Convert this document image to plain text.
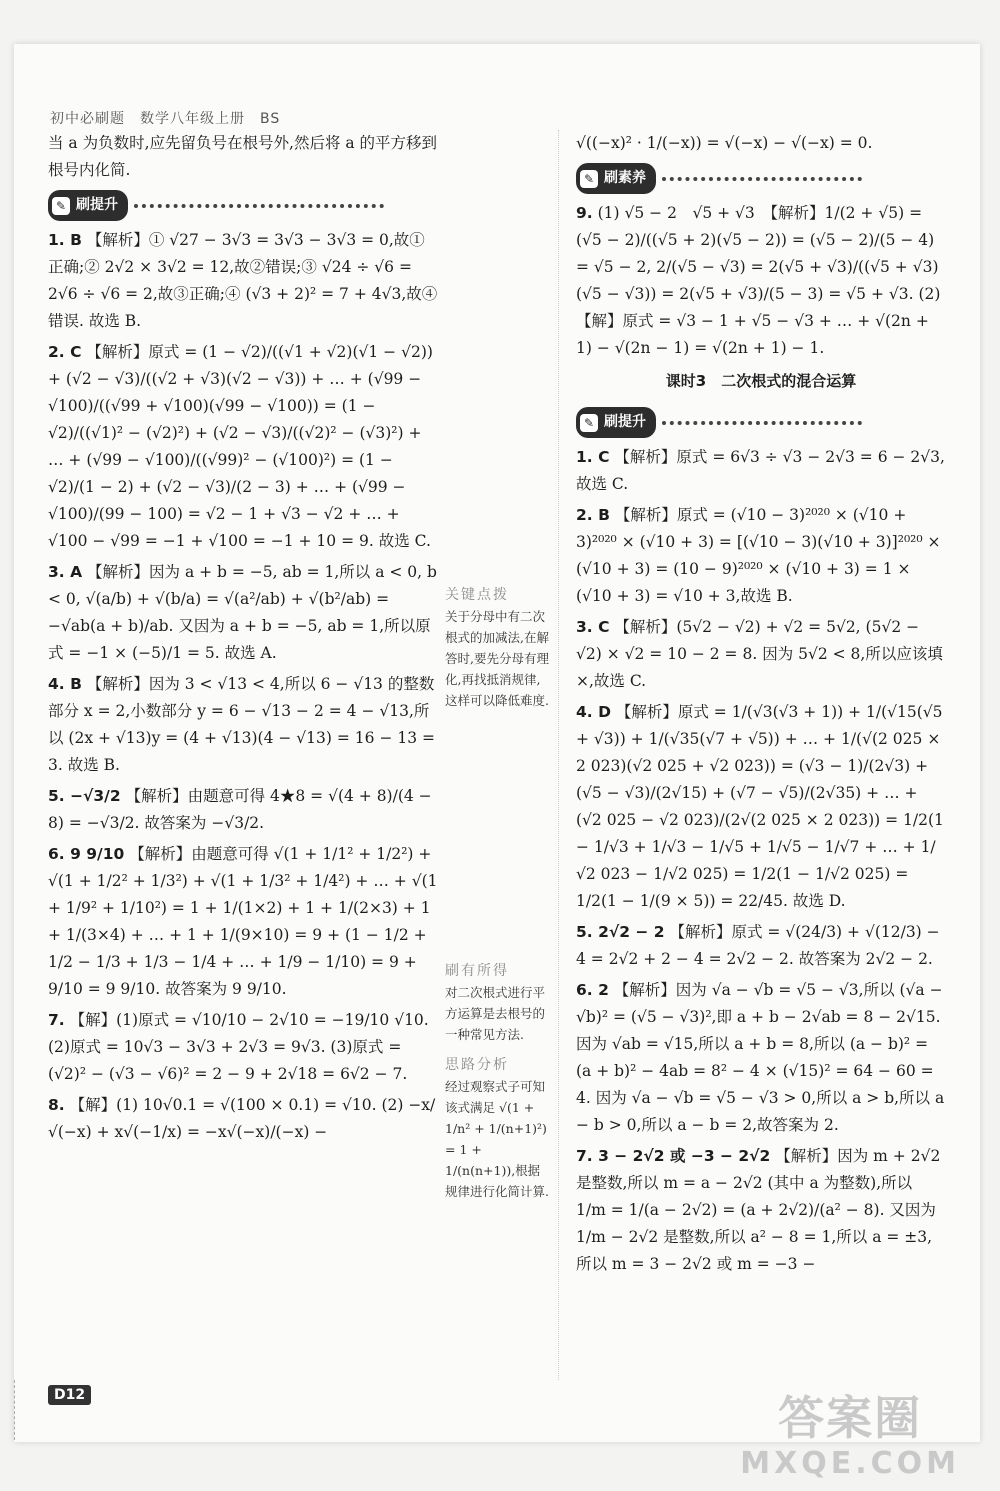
初中必刷题　数学八年级上册　BS
当 a 为负数时,应先留负号在根号外,然后将 a 的平方移到根号内化简.
✎ 刷提升
1. B 【解析】① √27 − 3√3 = 3√3 − 3√3 = 0,故①正确;② 2√2 × 3√2 = 12,故②错误;③ √24 ÷ √6 = 2√6 ÷ √6 = 2,故③正确;④ (√3 + 2)² = 7 + 4√3,故④错误. 故选 B.
2. C 【解析】原式 = (1 − √2)/((√1 + √2)(√1 − √2)) + (√2 − √3)/((√2 + √3)(√2 − √3)) + … + (√99 − √100)/((√99 + √100)(√99 − √100)) = (1 − √2)/((√1)² − (√2)²) + (√2 − √3)/((√2)² − (√3)²) + … + (√99 − √100)/((√99)² − (√100)²) = (1 − √2)/(1 − 2) + (√2 − √3)/(2 − 3) + … + (√99 − √100)/(99 − 100) = √2 − 1 + √3 − √2 + … + √100 − √99 = −1 + √100 = −1 + 10 = 9. 故选 C.
3. A 【解析】因为 a + b = −5, ab = 1,所以 a < 0, b < 0, √(a/b) + √(b/a) = √(a²/ab) + √(b²/ab) = −√ab(a + b)/ab. 又因为 a + b = −5, ab = 1,所以原式 = −1 × (−5)/1 = 5. 故选 A.
4. B 【解析】因为 3 < √13 < 4,所以 6 − √13 的整数部分 x = 2,小数部分 y = 6 − √13 − 2 = 4 − √13,所以 (2x + √13)y = (4 + √13)(4 − √13) = 16 − 13 = 3. 故选 B.
5. −√3/2 【解析】由题意可得 4★8 = √(4 + 8)/(4 − 8) = −√3/2. 故答案为 −√3/2.
6. 9 9/10 【解析】由题意可得 √(1 + 1/1² + 1/2²) + √(1 + 1/2² + 1/3²) + √(1 + 1/3² + 1/4²) + … + √(1 + 1/9² + 1/10²) = 1 + 1/(1×2) + 1 + 1/(2×3) + 1 + 1/(3×4) + … + 1 + 1/(9×10) = 9 + (1 − 1/2 + 1/2 − 1/3 + 1/3 − 1/4 + … + 1/9 − 1/10) = 9 + 9/10 = 9 9/10. 故答案为 9 9/10.
7. 【解】(1)原式 = √10/10 − 2√10 = −19/10 √10. (2)原式 = 10√3 − 3√3 + 2√3 = 9√3. (3)原式 = (√2)² − (√3 − √6)² = 2 − 9 + 2√18 = 6√2 − 7.
8. 【解】(1) 10√0.1 = √(100 × 0.1) = √10. (2) −x/√(−x) + x√(−1/x) = −x√(−x)/(−x) −
关键点拨
关于分母中有二次根式的加减法,在解答时,要先分母有理化,再找抵消规律,这样可以降低难度.
刷有所得
对二次根式进行平方运算是去根号的一种常见方法.
思路分析
经过观察式子可知该式满足 √(1 + 1/n² + 1/(n+1)²) = 1 + 1/(n(n+1)),根据规律进行化简计算.
√((−x)² · 1/(−x)) = √(−x) − √(−x) = 0.
✎ 刷素养
9. (1) √5 − 2　√5 + √3　【解析】1/(2 + √5) = (√5 − 2)/((√5 + 2)(√5 − 2)) = (√5 − 2)/(5 − 4) = √5 − 2, 2/(√5 − √3) = 2(√5 + √3)/((√5 + √3)(√5 − √3)) = 2(√5 + √3)/(5 − 3) = √5 + √3. (2)【解】原式 = √3 − 1 + √5 − √3 + … + √(2n + 1) − √(2n − 1) = √(2n + 1) − 1.
课时3　二次根式的混合运算
✎ 刷提升
1. C 【解析】原式 = 6√3 ÷ √3 − 2√3 = 6 − 2√3,故选 C.
2. B 【解析】原式 = (√10 − 3)²⁰²⁰ × (√10 + 3)²⁰²⁰ × (√10 + 3) = [(√10 − 3)(√10 + 3)]²⁰²⁰ × (√10 + 3) = (10 − 9)²⁰²⁰ × (√10 + 3) = 1 × (√10 + 3) = √10 + 3,故选 B.
3. C 【解析】(5√2 − √2) + √2 = 5√2, (5√2 − √2) × √2 = 10 − 2 = 8. 因为 5√2 < 8,所以应该填 ×,故选 C.
4. D 【解析】原式 = 1/(√3(√3 + 1)) + 1/(√15(√5 + √3)) + 1/(√35(√7 + √5)) + … + 1/(√(2 025 × 2 023)(√2 025 + √2 023)) = (√3 − 1)/(2√3) + (√5 − √3)/(2√15) + (√7 − √5)/(2√35) + … + (√2 025 − √2 023)/(2√(2 025 × 2 023)) = 1/2(1 − 1/√3 + 1/√3 − 1/√5 + 1/√5 − 1/√7 + … + 1/√2 023 − 1/√2 025) = 1/2(1 − 1/√2 025) = 1/2(1 − 1/(9 × 5)) = 22/45. 故选 D.
5. 2√2 − 2 【解析】原式 = √(24/3) + √(12/3) − 4 = 2√2 + 2 − 4 = 2√2 − 2. 故答案为 2√2 − 2.
6. 2 【解析】因为 √a − √b = √5 − √3,所以 (√a − √b)² = (√5 − √3)²,即 a + b − 2√ab = 8 − 2√15. 因为 √ab = √15,所以 a + b = 8,所以 (a − b)² = (a + b)² − 4ab = 8² − 4 × (√15)² = 64 − 60 = 4. 因为 √a − √b = √5 − √3 > 0,所以 a > b,所以 a − b > 0,所以 a − b = 2,故答案为 2.
7. 3 − 2√2 或 −3 − 2√2 【解析】因为 m + 2√2 是整数,所以 m = a − 2√2 (其中 a 为整数),所以 1/m = 1/(a − 2√2) = (a + 2√2)/(a² − 8). 又因为 1/m − 2√2 是整数,所以 a² − 8 = 1,所以 a = ±3,所以 m = 3 − 2√2 或 m = −3 −
D12	答案圈
MXQE.COM
